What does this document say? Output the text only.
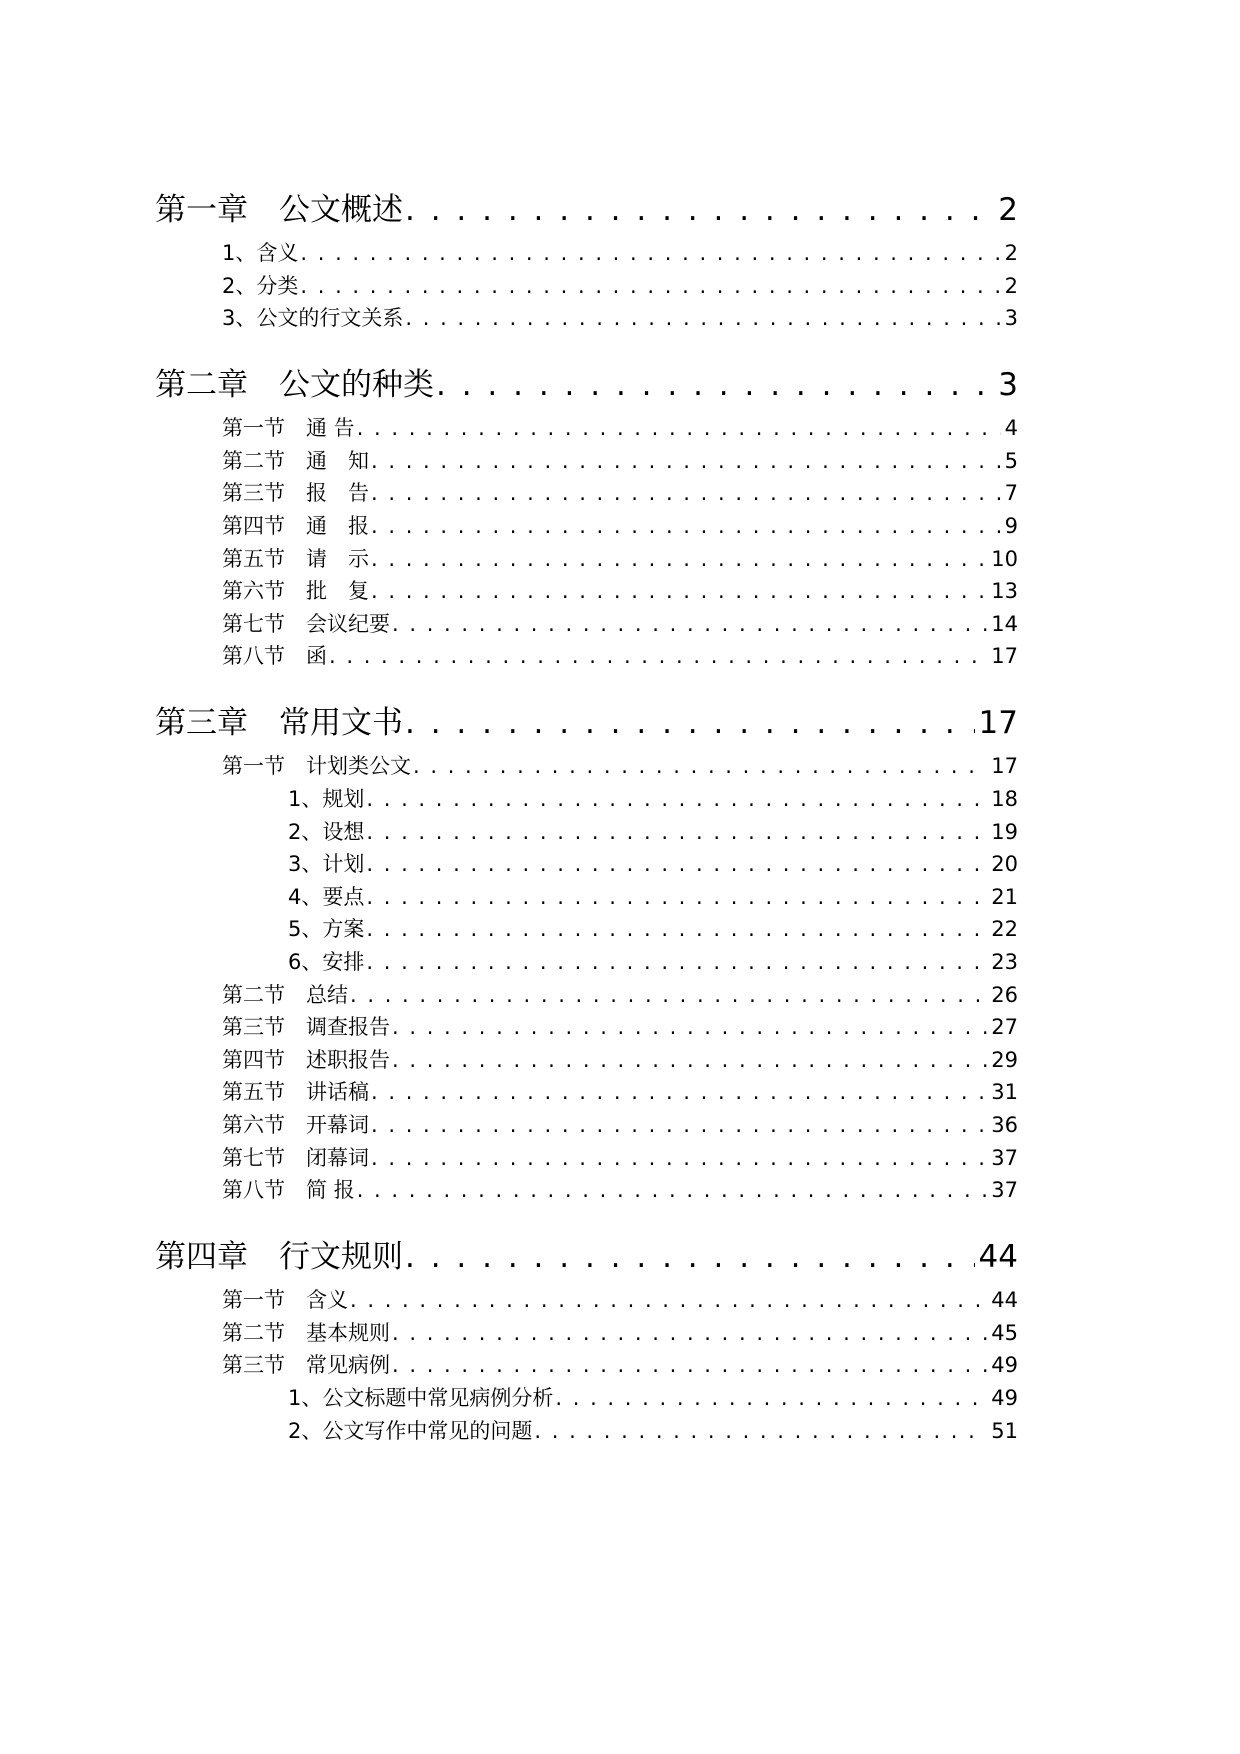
第一章　公文概述 . . .	2
1、含义 . . .	2
2、分类 . . .	2
3、公文的行文关系 . . .	3
第二章　公文的种类 . . .	3
第一节　通 告 . . .	4
第二节　通　知 . . .	5
第三节　报　告 . . .	7
第四节　通　报 . . .	9
第五节　请　示 . . .	10
第六节　批　复 . . .	13
第七节　会议纪要 . . .	14
第八节　函 . . .	17
第三章　常用文书 . . .	17
第一节　计划类公文 . . .	17
1、规划 . . .	18
2、设想 . . .	19
3、计划 . . .	20
4、要点 . . .	21
5、方案 . . .	22
6、安排 . . .	23
第二节　总结 . . .	26
第三节　调查报告 . . .	27
第四节　述职报告 . . .	29
第五节　讲话稿 . . .	31
第六节　开幕词 . . .	36
第七节　闭幕词 . . .	37
第八节　简 报 . . .	37
第四章　行文规则 . . .	44
第一节　含义 . . .	44
第二节　基本规则 . . .	45
第三节　常见病例 . . .	49
1、公文标题中常见病例分析 . . .	49
2、公文写作中常见的问题 . . .	51
